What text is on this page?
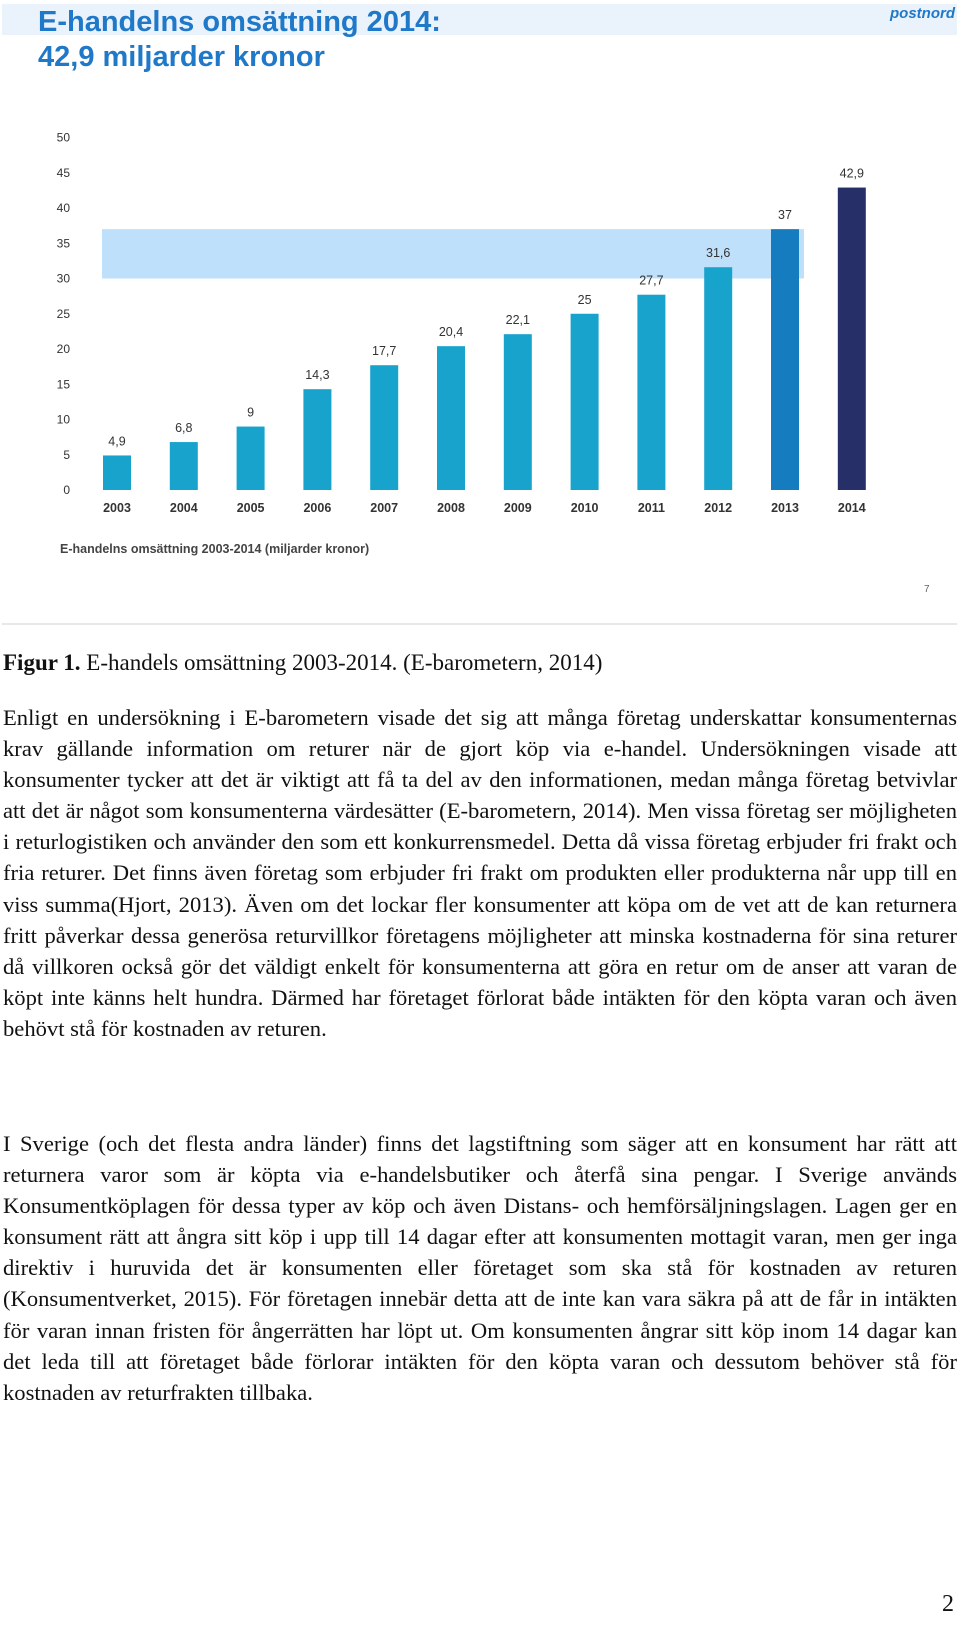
E-handelns omsättning 2014:
42,9 miljarder kronor
postnord
0
5
10
15
20
25
30
35
40
45
50
4,9
6,8
9
14,3
17,7
20,4
22,1
25
27,7
31,6
37
42,9
2003	2004	2005	2006	2007	2008	2009	2010	2011	2012	2013	2014
E-handelns omsättning 2003-2014 (miljarder kronor)
7

Figur 1. E-handels omsättning 2003-2014. (E-barometern, 2014)

Enligt en undersökning i E-barometern visade det sig att många företag underskattar konsumenternas krav gällande information om returer när de gjort köp via e-handel. Undersökningen visade att konsumenter tycker att det är viktigt att få ta del av den informationen, medan många företag betvivlar att det är något som konsumenterna värdesätter (E-barometern, 2014). Men vissa företag ser möjligheten i returlogistiken och använder den som ett konkurrensmedel. Detta då vissa företag erbjuder fri frakt och fria returer. Det finns även företag som erbjuder fri frakt om produkten eller produkterna når upp till en viss summa(Hjort, 2013). Även om det lockar fler konsumenter att köpa om de vet att de kan returnera fritt påverkar dessa generösa returvillkor företagens möjligheter att minska kostnaderna för sina returer då villkoren också gör det väldigt enkelt för konsumenterna att göra en retur om de anser att varan de köpt inte känns helt hundra. Därmed har företaget förlorat både intäkten för den köpta varan och även behövt stå för kostnaden av returen.

I Sverige (och det flesta andra länder) finns det lagstiftning som säger att en konsument har rätt att returnera varor som är köpta via e-handelsbutiker och återfå sina pengar. I Sverige används Konsumentköplagen för dessa typer av köp och även Distans- och hemförsäljningslagen. Lagen ger en konsument rätt att ångra sitt köp i upp till 14 dagar efter att konsumenten mottagit varan, men ger inga direktiv i huruvida det är konsumenten eller företaget som ska stå för kostnaden av returen (Konsumentverket, 2015). För företagen innebär detta att de inte kan vara säkra på att de får in intäkten för varan innan fristen för ångerrätten har löpt ut. Om konsumenten ångrar sitt köp inom 14 dagar kan det leda till att företaget både förlorar intäkten för den köpta varan och dessutom behöver stå för kostnaden av returfrakten tillbaka.

2
